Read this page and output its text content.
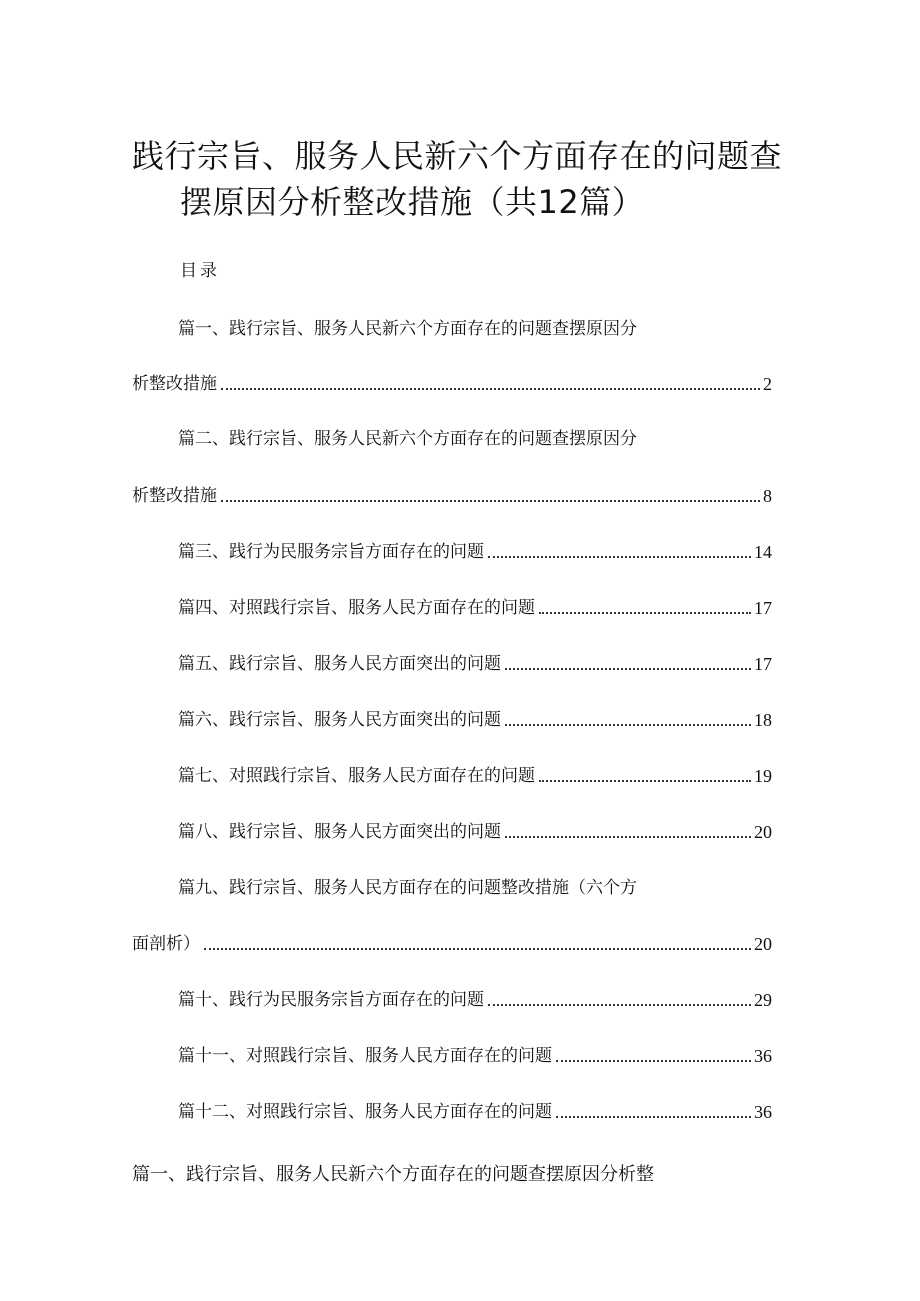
践行宗旨、服务人民新六个方面存在的问题查
摆原因分析整改措施（共12篇）
目录
篇一、践行宗旨、服务人民新六个方面存在的问题查摆原因分
析整改措施	2
篇二、践行宗旨、服务人民新六个方面存在的问题查摆原因分
析整改措施	8
篇三、践行为民服务宗旨方面存在的问题	14
篇四、对照践行宗旨、服务人民方面存在的问题	17
篇五、践行宗旨、服务人民方面突出的问题	17
篇六、践行宗旨、服务人民方面突出的问题	18
篇七、对照践行宗旨、服务人民方面存在的问题	19
篇八、践行宗旨、服务人民方面突出的问题	20
篇九、践行宗旨、服务人民方面存在的问题整改措施（六个方
面剖析）	20
篇十、践行为民服务宗旨方面存在的问题	29
篇十一、对照践行宗旨、服务人民方面存在的问题	36
篇十二、对照践行宗旨、服务人民方面存在的问题	36
篇一、践行宗旨、服务人民新六个方面存在的问题查摆原因分析整
